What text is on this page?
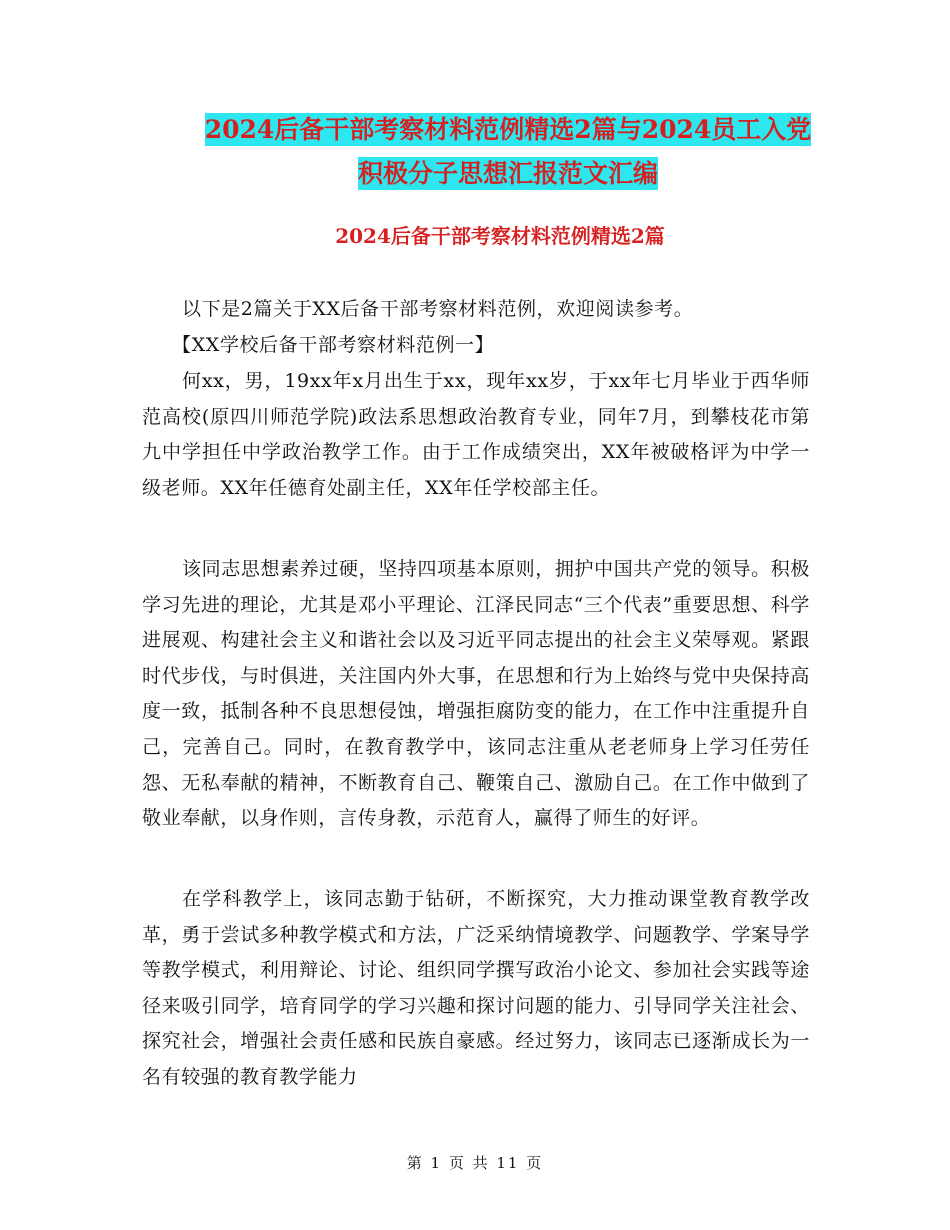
2024后备干部考察材料范例精选2篇与2024员工入党
积极分子思想汇报范文汇编
2024后备干部考察材料范例精选2篇

以下是2篇关于XX后备干部考察材料范例，欢迎阅读参考。

【XX学校后备干部考察材料范例一】

何xx，男，19xx年x月出生于xx，现年xx岁，于xx年七月毕业于西华师范高校(原四川师范学院)政法系思想政治教育专业，同年7月，到攀枝花市第九中学担任中学政治教学工作。由于工作成绩突出，XX年被破格评为中学一级老师。XX年任德育处副主任，XX年任学校部主任。

该同志思想素养过硬，坚持四项基本原则，拥护中国共产党的领导。积极学习先进的理论，尤其是邓小平理论、江泽民同志“三个代表”重要思想、科学进展观、构建社会主义和谐社会以及习近平同志提出的社会主义荣辱观。紧跟时代步伐，与时俱进，关注国内外大事，在思想和行为上始终与党中央保持高度一致，抵制各种不良思想侵蚀，增强拒腐防变的能力，在工作中注重提升自己，完善自己。同时，在教育教学中，该同志注重从老老师身上学习任劳任怨、无私奉献的精神，不断教育自己、鞭策自己、激励自己。在工作中做到了敬业奉献，以身作则，言传身教，示范育人，赢得了师生的好评。

在学科教学上，该同志勤于钻研，不断探究，大力推动课堂教育教学改革，勇于尝试多种教学模式和方法，广泛采纳情境教学、问题教学、学案导学等教学模式，利用辩论、讨论、组织同学撰写政治小论文、参加社会实践等途径来吸引同学，培育同学的学习兴趣和探讨问题的能力、引导同学关注社会、探究社会，增强社会责任感和民族自豪感。经过努力，该同志已逐渐成长为一名有较强的教育教学能力

第 1 页 共 11 页
